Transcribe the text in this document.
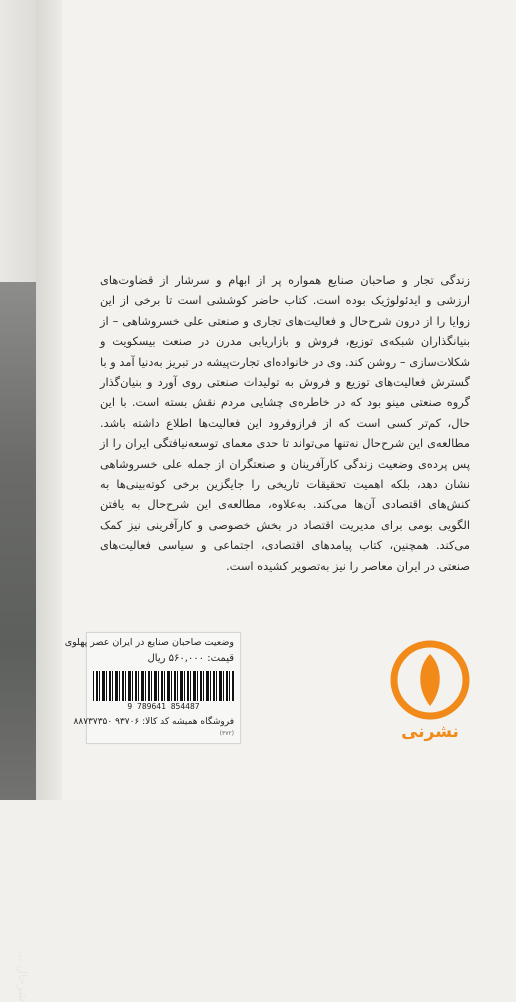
شرحال ...

زندگی تجار و صاحبان صنایع همواره پر از ابهام و سرشار از قضاوت‌های ارزشی و ایدئولوژیک بوده است. کتاب حاضر کوششی است تا برخی از این زوایا را از درون شرح‌حال و فعالیت‌های تجاری و صنعتی علی خسروشاهی – از بنیانگذاران شبکه‌ی توزیع، فروش و بازاریابی مدرن در صنعت بیسکویت و شکلات‌سازی – روشن کند. وی در خانواده‌ای تجارت‌پیشه در تبریز به‌دنیا آمد و با گسترش فعالیت‌های توزیع و فروش به تولیدات صنعتی روی آورد و بنیان‌گذار گروه صنعتی مینو بود که در خاطره‌ی چشایی مردم نقش بسته است. با این حال، کم‌تر کسی است که از فرازوفرود این فعالیت‌ها اطلاع داشته باشد. مطالعه‌ی این شرح‌حال نه‌تنها می‌تواند تا حدی معمای توسعه‌نیافتگی ایران را از پس پرده‌ی وضعیت زندگی کارآفرینان و صنعتگران از جمله علی خسروشاهی نشان دهد، بلکه اهمیت تحقیقات تاریخی را جایگزین برخی کوته‌بینی‌ها به کنش‌های اقتصادی آن‌ها می‌کند. به‌علاوه، مطالعه‌ی این شرح‌حال به یافتن الگویی بومی برای مدیریت اقتصاد در بخش خصوصی و کارآفرینی نیز کمک می‌کند. همچنین، کتاب پیامدهای اقتصادی، اجتماعی و سیاسی فعالیت‌های صنعتی در ایران معاصر را نیز به‌تصویر کشیده است.

وضعیت صاحبان صنایع در ایران عصر پهلوی
قیمت: ۵۶۰,۰۰۰ ریال
9 789641 854487
فروشگاه همیشه کد کالا: ۹۳۷۰۶ ۸۸۷۳۷۳۵۰
(۳۷۲)	نشرنی
